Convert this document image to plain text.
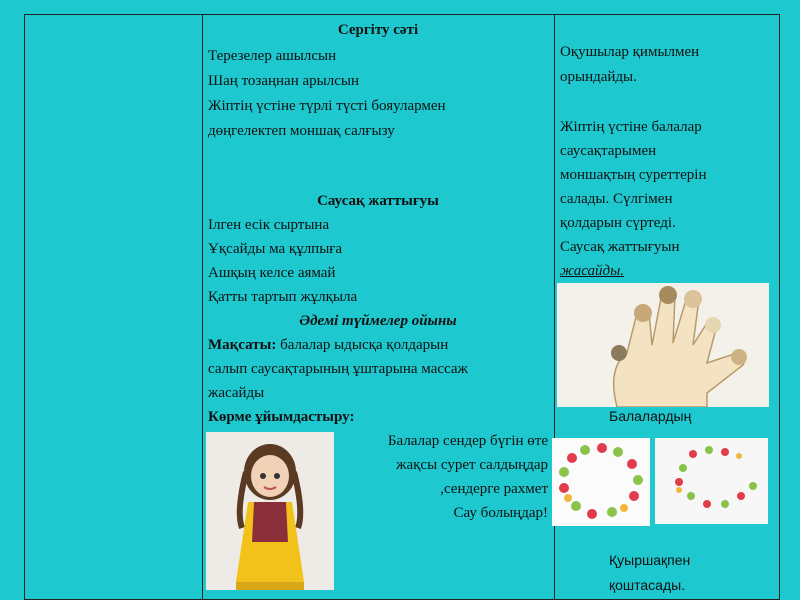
Сергіту сәті
Терезелер ашылсын
Шаң тозаңнан арылсын
Жіптің үстіне түрлі түсті бояулармен
дөңгелектеп моншақ салғызу
Саусақ жаттығуы
Ілген есік сыртына
Ұқсайды ма құлпыға
Ашқың келсе аямай
Қатты тартып жұлқыла
Әдемі түймелер ойыны
Мақсаты: балалар ыдысқа қолдарын
салып саусақтарының ұштарына массаж
жасайды
Көрме ұйымдастыру:
Балалар сендер бүгін өте
жақсы сурет салдыңдар
,сендерге рахмет
Сау болыңдар!
Оқушылар қимылмен
орындайды.
Жіптің үстіне балалар
саусақтарымен
моншақтың суреттерін
салады. Сүлгімен
қолдарын сүртеді.
Саусақ жаттығуын
жасайды.
Балалардың
Қуыршақпен
қоштасады.
